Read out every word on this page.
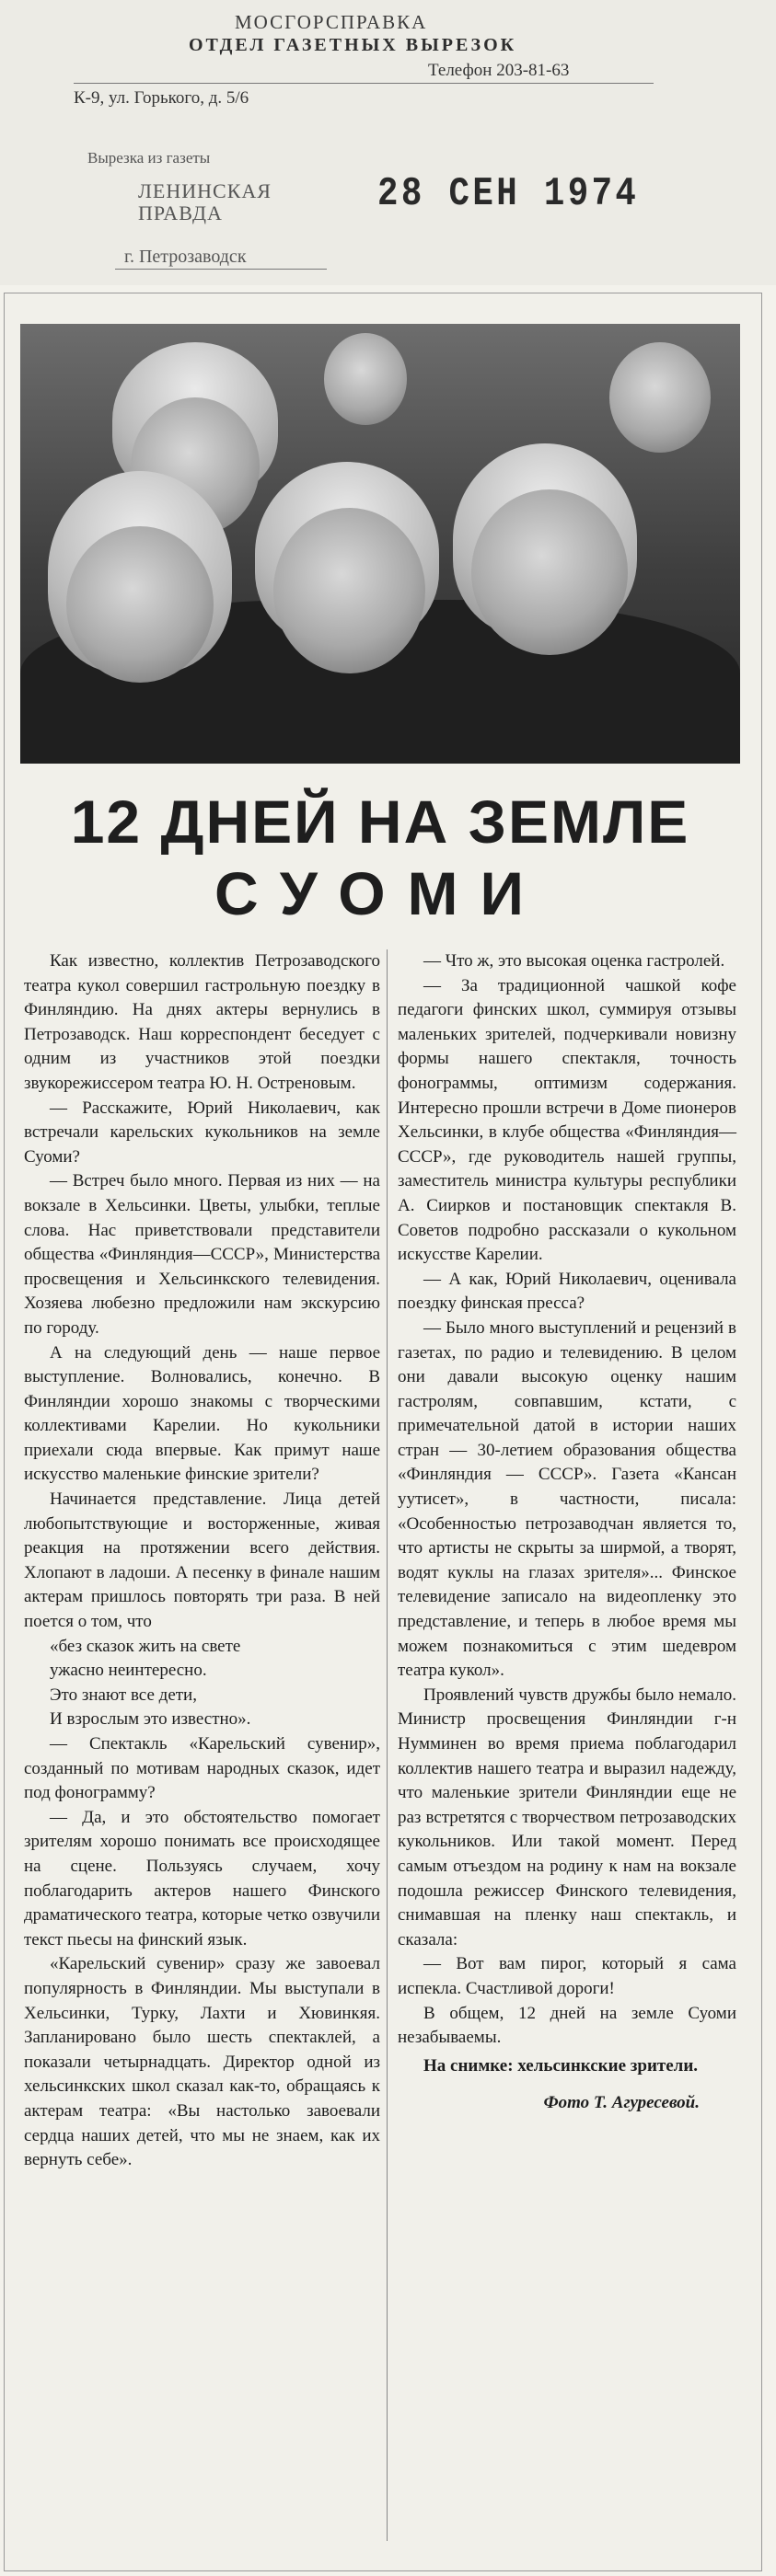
МОСГОРСПРАВКА
ОТДЕЛ ГАЗЕТНЫХ ВЫРЕЗОК
Телефон 203-81-63
К-9, ул. Горького, д. 5/6
Вырезка из газеты
ЛЕНИНСКАЯ
ПРАВДА	28 СЕН 1974
г. Петрозаводск
12 ДНЕЙ НА ЗЕМЛЕ
СУОМИ

Как известно, коллектив Петрозаводского театра кукол совершил гастрольную поездку в Финляндию. На днях актеры вернулись в Петрозаводск. Наш корреспондент беседует с одним из участников этой поездки звукорежиссером театра Ю. Н. Остреновым.

— Расскажите, Юрий Николаевич, как встречали карельских кукольников на земле Суоми?

— Встреч было много. Первая из них — на вокзале в Хельсинки. Цветы, улыбки, теплые слова. Нас приветствовали представители общества «Финляндия—СССР», Министерства просвещения и Хельсинкского телевидения. Хозяева любезно предложили нам экскурсию по городу.

А на следующий день — наше первое выступление. Волновались, конечно. В Финляндии хорошо знакомы с творческими коллективами Карелии. Но кукольники приехали сюда впервые. Как примут наше искусство маленькие финские зрители?

Начинается представление. Лица детей любопытствующие и восторженные, живая реакция на протяжении всего действия. Хлопают в ладоши. А песенку в финале нашим актерам пришлось повторять три раза. В ней поется о том, что

«без сказок жить на свете

ужасно неинтересно.

Это знают все дети,

И взрослым это известно».

— Спектакль «Карельский сувенир», созданный по мотивам народных сказок, идет под фонограмму?

— Да, и это обстоятельство помогает зрителям хорошо понимать все происходящее на сцене. Пользуясь случаем, хочу поблагодарить актеров нашего Финского драматического театра, которые четко озвучили текст пьесы на финский язык.

«Карельский сувенир» сразу же завоевал популярность в Финляндии. Мы выступали в Хельсинки, Турку, Лахти и Хювинкяя. Запланировано было шесть спектаклей, а показали четырнадцать. Директор одной из хельсинкских школ сказал как-то, обращаясь к актерам театра: «Вы настолько завоевали сердца наших детей, что мы не знаем, как их вернуть себе».

— Что ж, это высокая оценка гастролей.

— За традиционной чашкой кофе педагоги финских школ, суммируя отзывы маленьких зрителей, подчеркивали новизну формы нашего спектакля, точность фонограммы, оптимизм содержания. Интересно прошли встречи в Доме пионеров Хельсинки, в клубе общества «Финляндия—СССР», где руководитель нашей группы, заместитель министра культуры республики А. Сиирков и постановщик спектакля В. Советов подробно рассказали о кукольном искусстве Карелии.

— А как, Юрий Николаевич, оценивала поездку финская пресса?

— Было много выступлений и рецензий в газетах, по радио и телевидению. В целом они давали высокую оценку нашим гастролям, совпавшим, кстати, с примечательной датой в истории наших стран — 30-летием образования общества «Финляндия — СССР». Газета «Кансан уутисет», в частности, писала: «Особенностью петрозаводчан является то, что артисты не скрыты за ширмой, а творят, водят куклы на глазах зрителя»... Финское телевидение записало на видеопленку это представление, и теперь в любое время мы можем познакомиться с этим шедевром театра кукол».

Проявлений чувств дружбы было немало. Министр просвещения Финляндии г-н Нумминен во время приема поблагодарил коллектив нашего театра и выразил надежду, что маленькие зрители Финляндии еще не раз встретятся с творчеством петрозаводских кукольников. Или такой момент. Перед самым отъездом на родину к нам на вокзале подошла режиссер Финского телевидения, снимавшая на пленку наш спектакль, и сказала:

— Вот вам пирог, который я сама испекла. Счастливой дороги!

В общем, 12 дней на земле Суоми незабываемы.

На снимке: хельсинкские зрители.

Фото Т. Агуресевой.
